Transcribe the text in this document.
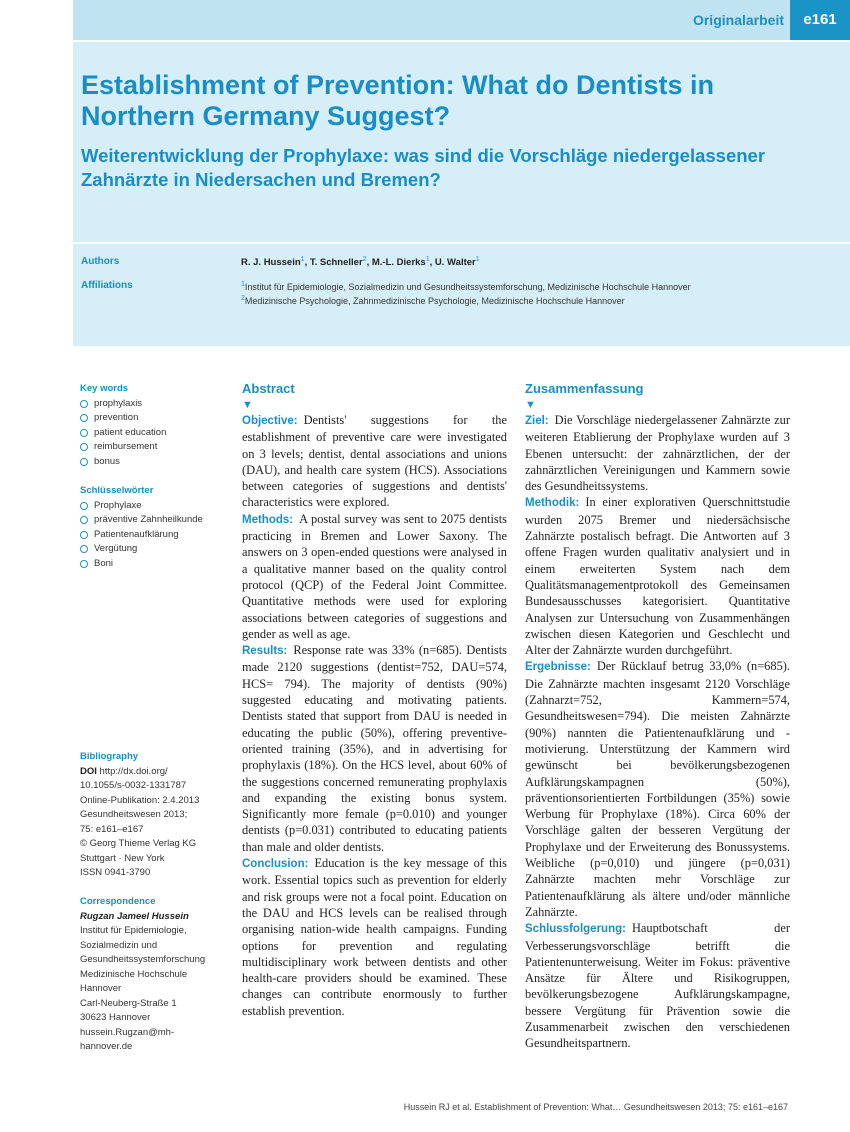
Originalarbeit	e161
Establishment of Prevention: What do Dentists in Northern Germany Suggest?
Weiterentwicklung der Prophylaxe: was sind die Vorschläge niedergelassener Zahnärzte in Niedersachen und Bremen?
Authors	R. J. Hussein$^1$, T. Schneller$^2$, M.-L. Dierks$^1$, U. Walter$^1$
Affiliations	$^1$Institut für Epidemiologie, Sozialmedizin und Gesundheitssystemforschung, Medizinische Hochschule Hannover
$^2$Medizinische Psychologie, Zahnmedizinische Psychologie, Medizinische Hochschule Hannover
Key words
prophylaxis
prevention
patient education
reimbursement
bonus
Schlüsselwörter
Prophylaxe
präventive Zahnheilkunde
Patientenaufklärung
Vergütung
Boni
Bibliography
DOI http://dx.doi.org/
10.1055/s-0032-1331787
Online-Publikation: 2.4.2013
Gesundheitswesen 2013;
75: e161–e167
© Georg Thieme Verlag KG
Stuttgart · New York
ISSN 0941-3790
Correspondence
Rugzan Jameel Hussein
Institut für Epidemiologie,
Sozialmedizin und
Gesundheitssystemforschung
Medizinische Hochschule
Hannover
Carl-Neuberg-Straße 1
30623 Hannover
hussein.Rugzan@mh-
hannover.de
Abstract
▼

Objective: Dentists' suggestions for the establishment of preventive care were investigated on 3 levels; dentist, dental associations and unions (DAU), and health care system (HCS). Associations between categories of suggestions and dentists' characteristics were explored.

Methods: A postal survey was sent to 2075 dentists practicing in Bremen and Lower Saxony. The answers on 3 open-ended questions were analysed in a qualitative manner based on the quality control protocol (QCP) of the Federal Joint Committee. Quantitative methods were used for exploring associations between categories of suggestions and gender as well as age.

Results: Response rate was 33% (n=685). Dentists made 2120 suggestions (dentist=752, DAU=574, HCS= 794). The majority of dentists (90%) suggested educating and motivating patients. Dentists stated that support from DAU is needed in educating the public (50%), offering preventive-oriented training (35%), and in advertising for prophylaxis (18%). On the HCS level, about 60% of the suggestions concerned remunerating prophylaxis and expanding the existing bonus system. Significantly more female (p=0.010) and younger dentists (p=0.031) contributed to educating patients than male and older dentists.

Conclusion: Education is the key message of this work. Essential topics such as prevention for elderly and risk groups were not a focal point. Education on the DAU and HCS levels can be realised through organising nation-wide health campaigns. Funding options for prevention and regulating multidisciplinary work between dentists and other health-care providers should be examined. These changes can contribute enormously to further establish prevention.

Zusammenfassung
▼

Ziel: Die Vorschläge niedergelassener Zahnärzte zur weiteren Etablierung der Prophylaxe wurden auf 3 Ebenen untersucht: der zahnärztlichen, der der zahnärztlichen Vereinigungen und Kammern sowie des Gesundheitssystems.

Methodik: In einer explorativen Querschnittstudie wurden 2075 Bremer und niedersächsische Zahnärzte postalisch befragt. Die Antworten auf 3 offene Fragen wurden qualitativ analysiert und in einem erweiterten System nach dem Qualitätsmanagementprotokoll des Gemeinsamen Bundesausschusses kategorisiert. Quantitative Analysen zur Untersuchung von Zusammenhängen zwischen diesen Kategorien und Geschlecht und Alter der Zahnärzte wurden durchgeführt.

Ergebnisse: Der Rücklauf betrug 33,0% (n=685). Die Zahnärzte machten insgesamt 2120 Vorschläge (Zahnarzt=752, Kammern=574, Gesundheitswesen=794). Die meisten Zahnärzte (90%) nannten die Patientenaufklärung und -motivierung. Unterstützung der Kammern wird gewünscht bei bevölkerungsbezogenen Aufklärungskampagnen (50%), präventionsorientierten Fortbildungen (35%) sowie Werbung für Prophylaxe (18%). Circa 60% der Vorschläge galten der besseren Vergütung der Prophylaxe und der Erweiterung des Bonussystems. Weibliche (p=0,010) und jüngere (p=0,031) Zahnärzte machten mehr Vorschläge zur Patientenaufklärung als ältere und/oder männliche Zahnärzte.

Schlussfolgerung: Hauptbotschaft der Verbesserungsvorschläge betrifft die Patientenunterweisung. Weiter im Fokus: präventive Ansätze für Ältere und Risikogruppen, bevölkerungsbezogene Aufklärungskampagne, bessere Vergütung für Prävention sowie die Zusammenarbeit zwischen den verschiedenen Gesundheitspartnern.

Hussein RJ et al. Establishment of Prevention: What… Gesundheitswesen 2013; 75: e161–e167
